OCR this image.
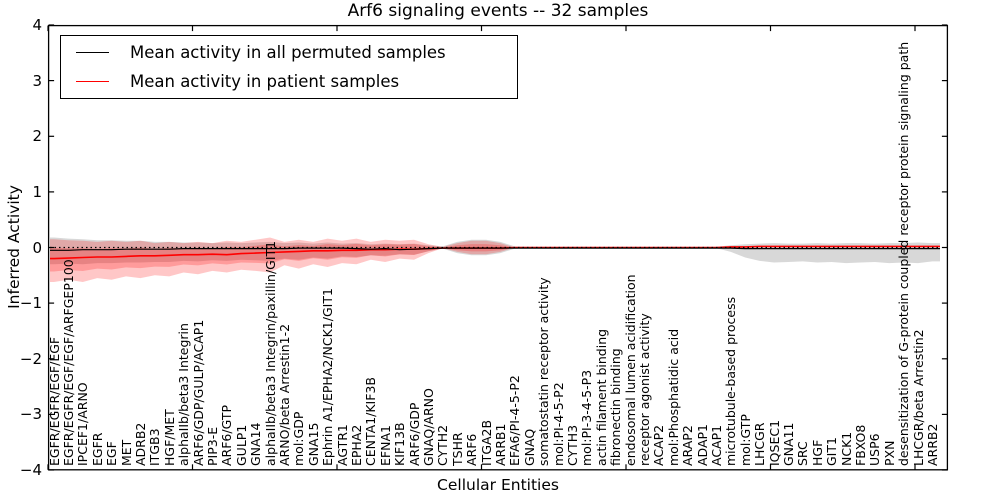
Arf6 signaling events -- 32 samples
Inferred Activity
Cellular Entities
4
3
2
1
0
−1
−2
−3
−4
EGFR/EGFR/EGF/EGF EGFR/EGFR/EGF/EGF/ARFGEP100 IPCEF1/ARNO EGFR EGF MET ADRB2 ITGB3 HGF/MET alphaIIb/beta3 Integrin ARF6/GDP/GULP/ACAP1 PIP3-E ARF6/GTP GULP1 GNA14 alphaIIb/beta3 Integrin/paxillin/GIT1 ARNO/beta Arrestin1-2 mol:GDP GNA15 Ephrin A1/EPHA2/NCK1/GIT1 AGTR1 EPHA2 CENTA1/KIF3B EFNA1 KIF13B ARF6/GDP GNAQ/ARNO CYTH2 TSHR ARF6 ITGA2B ARRB1 EFA6/PI-4-5-P2 GNAQ somatostatin receptor activity mol:PI-4-5-P2 CYTH3 mol:PI-3-4-5-P3 actin filament binding fibronectin binding endosomal lumen acidification receptor agonist activity ACAP2 mol:Phosphatidic acid ARAP2 ADAP1 ACAP1 microtubule-based process mol:GTP LHCGR IQSEC1 GNA11 SRC HGF GIT1 NCK1 FBXO8 USP6 PXN desensitization of G-protein coupled receptor protein signaling path LHCGR/beta Arrestin2 ARRB2
Mean activity in all permuted samples
Mean activity in patient samples
